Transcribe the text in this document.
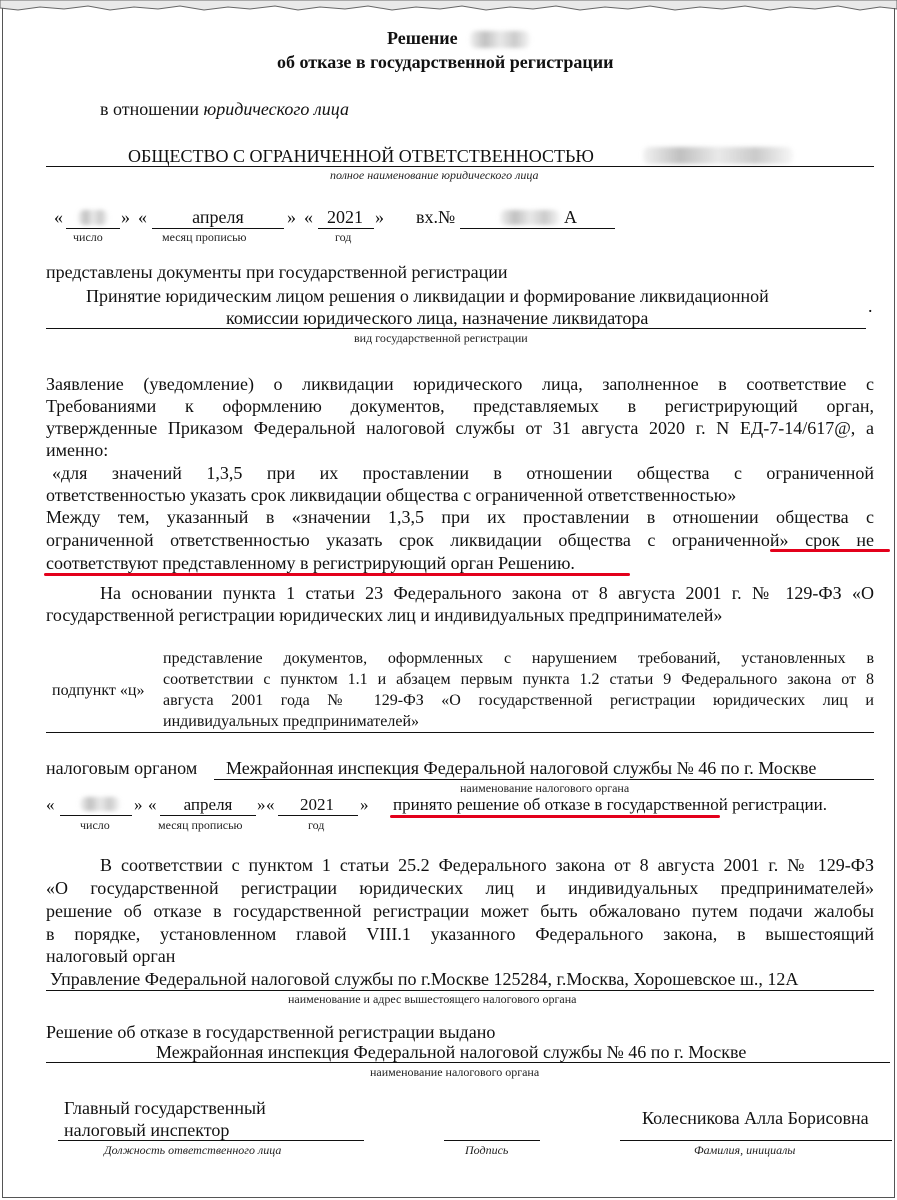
Решение
об отказе в государственной регистрации
в отношении юридического лица
ОБЩЕСТВО С ОГРАНИЧЕННОЙ ОТВЕТСТВЕННОСТЬЮ
полное наименование юридического лица
«	» «	апреля	» « 2021 » вх.№	А
число	месяц прописью	год
представлены документы при государственной регистрации
Принятие юридическим лицом решения о ликвидации и формирование ликвидационной
комиссии юридического лица, назначение ликвидатора
.
вид государственной регистрации
Заявление (уведомление) о ликвидации юридического лица, заполненное в соответствие с
Требованиями к оформлению документов, представляемых в регистрирующий орган,
утвержденные Приказом Федеральной налоговой службы от 31 августа 2020 г. N ЕД-7-14/617@, а
именно:
«для значений 1,3,5 при их проставлении в отношении общества с ограниченной
ответственностью указать срок ликвидации общества с ограниченной ответственностью»
Между тем, указанный в «значении 1,3,5 при их проставлении в отношении общества с
ограниченной ответственностью указать срок ликвидации общества с ограниченной» срок не
соответствуют представленному в регистрирующий орган Решению.
На основании пункта 1 статьи 23 Федерального закона от 8 августа 2001 г. № 129-ФЗ «О
государственной регистрации юридических лиц и индивидуальных предпринимателей»
подпункт «ц»
представление документов, оформленных с нарушением требований, установленных в
соответствии с пунктом 1.1 и абзацем первым пункта 1.2 статьи 9 Федерального закона от 8
августа 2001 года № 129-ФЗ «О государственной регистрации юридических лиц и
индивидуальных предпринимателей»
налоговым органом Межрайонная инспекция Федеральной налоговой службы № 46 по г. Москве
наименование налогового органа
«	» «	апреля	» «	2021	» принято решение об отказе в государственной регистрации.
число	месяц прописью	год
В соответствии с пунктом 1 статьи 25.2 Федерального закона от 8 августа 2001 г. № 129-ФЗ
«О государственной регистрации юридических лиц и индивидуальных предпринимателей»
решение об отказе в государственной регистрации может быть обжаловано путем подачи жалобы
в порядке, установленном главой VIII.1 указанного Федерального закона, в вышестоящий
налоговый орган
Управление Федеральной налоговой службы по г.Москве 125284, г.Москва, Хорошевское ш., 12А
наименование и адрес вышестоящего налогового органа
Решение об отказе в государственной регистрации выдано
Межрайонная инспекция Федеральной налоговой службы № 46 по г. Москве
наименование налогового органа
Главный государственный
налоговый инспектор
Колесникова Алла Борисовна
Должность ответственного лица	Подпись	Фамилия, инициалы
